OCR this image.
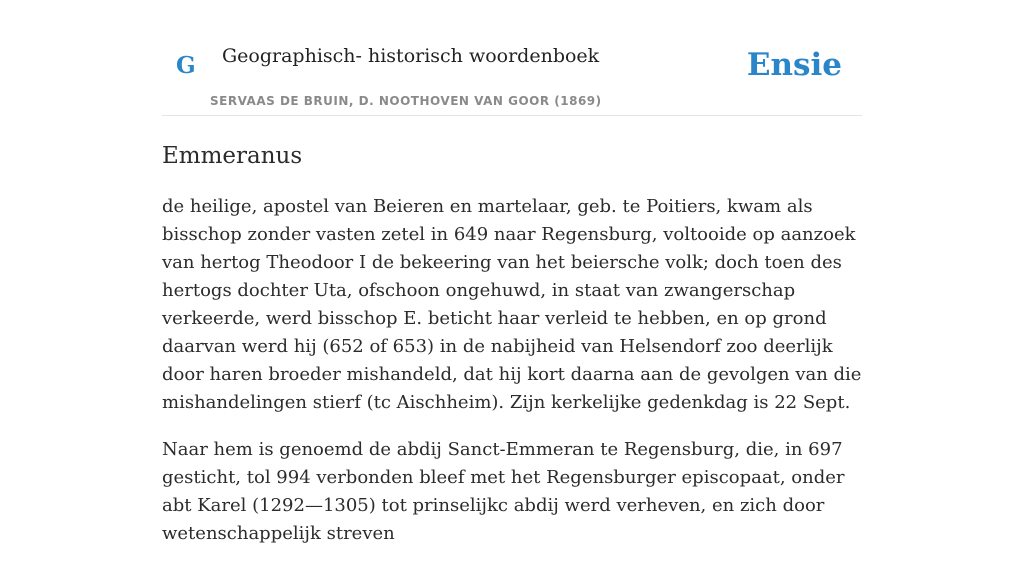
G Geographisch- historisch woordenboek
SERVAAS DE BRUIN, D. NOOTHOVEN VAN GOOR (1869)
Ensie
Emmeranus

de heilige, apostel van Beieren en martelaar, geb. te Poitiers, kwam als bisschop zonder vasten zetel in 649 naar Regensburg, voltooide op aanzoek van hertog Theodoor I de bekeering van het beiersche volk; doch toen des hertogs dochter Uta, ofschoon ongehuwd, in staat van zwangerschap verkeerde, werd bisschop E. beticht haar verleid te hebben, en op grond daarvan werd hij (652 of 653) in de nabijheid van Helsendorf zoo deerlijk door haren broeder mishandeld, dat hij kort daarna aan de gevolgen van die mishandelingen stierf (tc Aischheim). Zijn kerkelijke gedenkdag is 22 Sept.

Naar hem is genoemd de abdij Sanct-Emmeran te Regensburg, die, in 697 gesticht, tol 994 verbonden bleef met het Regensburger episcopaat, onder abt Karel (1292—1305) tot prinselijkc abdij werd verheven, en zich door wetenschappelijk streven
